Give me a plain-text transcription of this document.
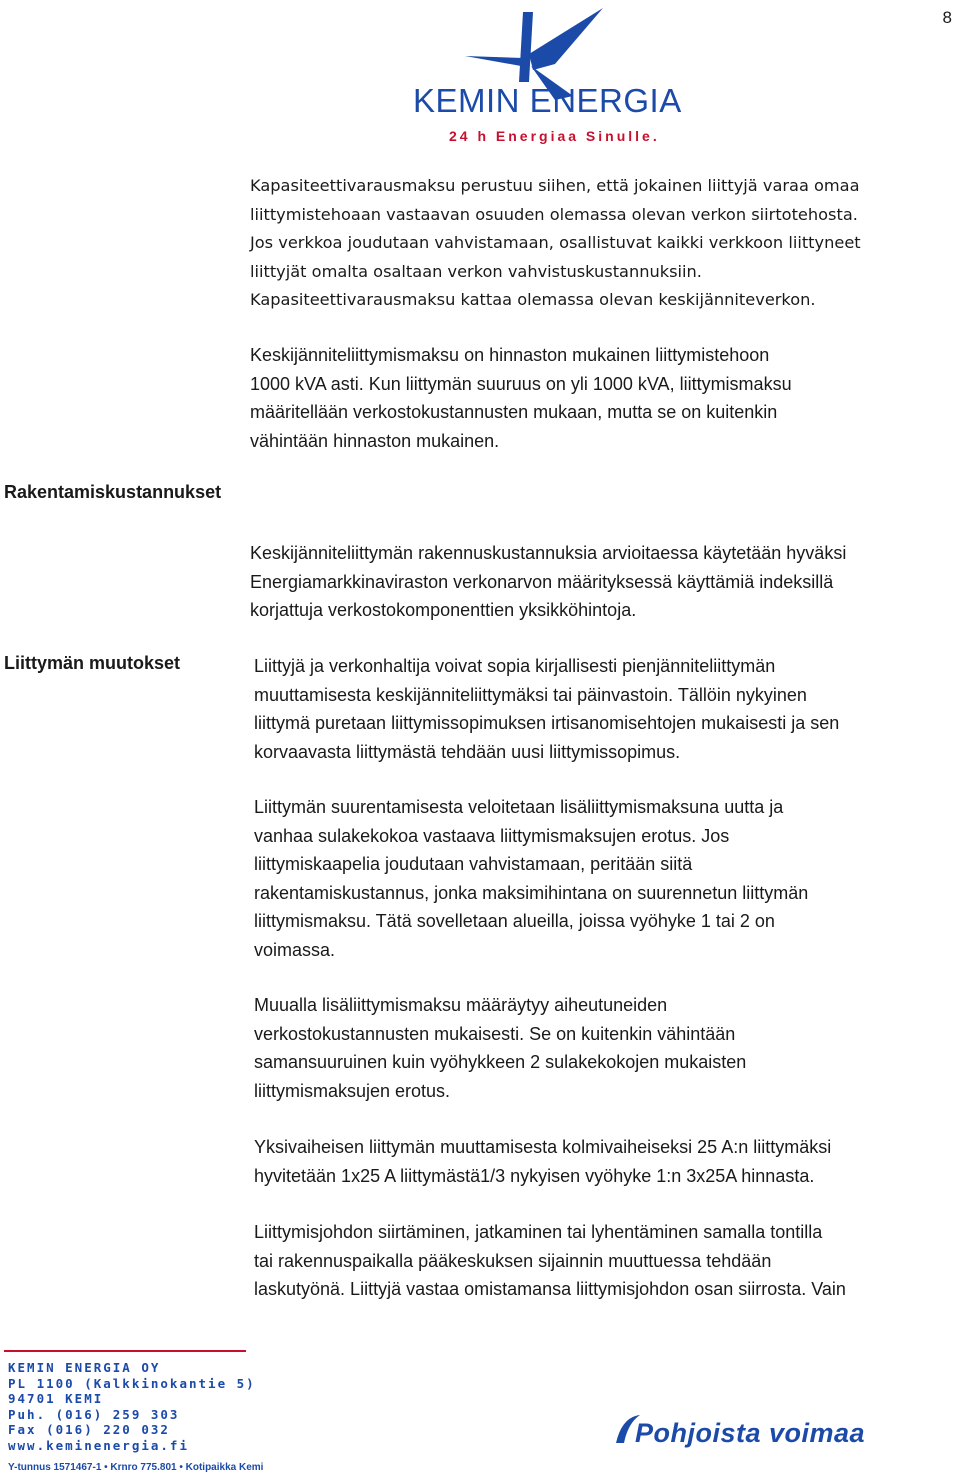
8
KEMIN ENERGIA
24 h Energiaa Sinulle.
Kapasiteettivarausmaksu perustuu siihen, että jokainen liittyjä varaa omaa
liittymistehoaan vastaavan osuuden olemassa olevan verkon siirtotehosta.
Jos verkkoa joudutaan vahvistamaan, osallistuvat kaikki verkkoon liittyneet
liittyjät omalta osaltaan verkon vahvistuskustannuksiin.
Kapasiteettivarausmaksu kattaa olemassa olevan keskijänniteverkon.
Keskijänniteliittymismaksu on hinnaston mukainen liittymistehoon
1000 kVA asti. Kun liittymän suuruus on yli 1000 kVA, liittymismaksu
määritellään verkostokustannusten mukaan, mutta se on kuitenkin
vähintään hinnaston mukainen.
Rakentamiskustannukset
Keskijänniteliittymän rakennuskustannuksia arvioitaessa käytetään hyväksi
Energiamarkkinaviraston verkonarvon määrityksessä käyttämiä indeksillä
korjattuja verkostokomponenttien yksikköhintoja.
Liittymän muutokset	Liittyjä ja verkonhaltija voivat sopia kirjallisesti pienjänniteliittymän
muuttamisesta keskijänniteliittymäksi tai päinvastoin. Tällöin nykyinen
liittymä puretaan liittymissopimuksen irtisanomisehtojen mukaisesti ja sen
korvaavasta liittymästä tehdään uusi liittymissopimus.
Liittymän suurentamisesta veloitetaan lisäliittymismaksuna uutta ja
vanhaa sulakekokoa vastaava liittymismaksujen erotus. Jos
liittymiskaapelia joudutaan vahvistamaan, peritään siitä
rakentamiskustannus, jonka maksimihintana on suurennetun liittymän
liittymismaksu. Tätä sovelletaan alueilla, joissa vyöhyke 1 tai 2 on
voimassa.
Muualla lisäliittymismaksu määräytyy aiheutuneiden
verkostokustannusten mukaisesti. Se on kuitenkin vähintään
samansuuruinen kuin vyöhykkeen 2 sulakekokojen mukaisten
liittymismaksujen erotus.
Yksivaiheisen liittymän muuttamisesta kolmivaiheiseksi 25 A:n liittymäksi
hyvitetään 1x25 A liittymästä1/3 nykyisen vyöhyke 1:n 3x25A hinnasta.
Liittymisjohdon siirtäminen, jatkaminen tai lyhentäminen samalla tontilla
tai rakennuspaikalla pääkeskuksen sijainnin muuttuessa tehdään
laskutyönä. Liittyjä vastaa omistamansa liittymisjohdon osan siirrosta. Vain
KEMIN ENERGIA OY
PL 1100 (Kalkkinokantie 5)
94701 KEMI
Puh. (016) 259 303
Fax (016) 220 032
www.keminenergia.fi
Y-tunnus 1571467-1 • Krnro 775.801 • Kotipaikka Kemi
Pohjoista voimaa
